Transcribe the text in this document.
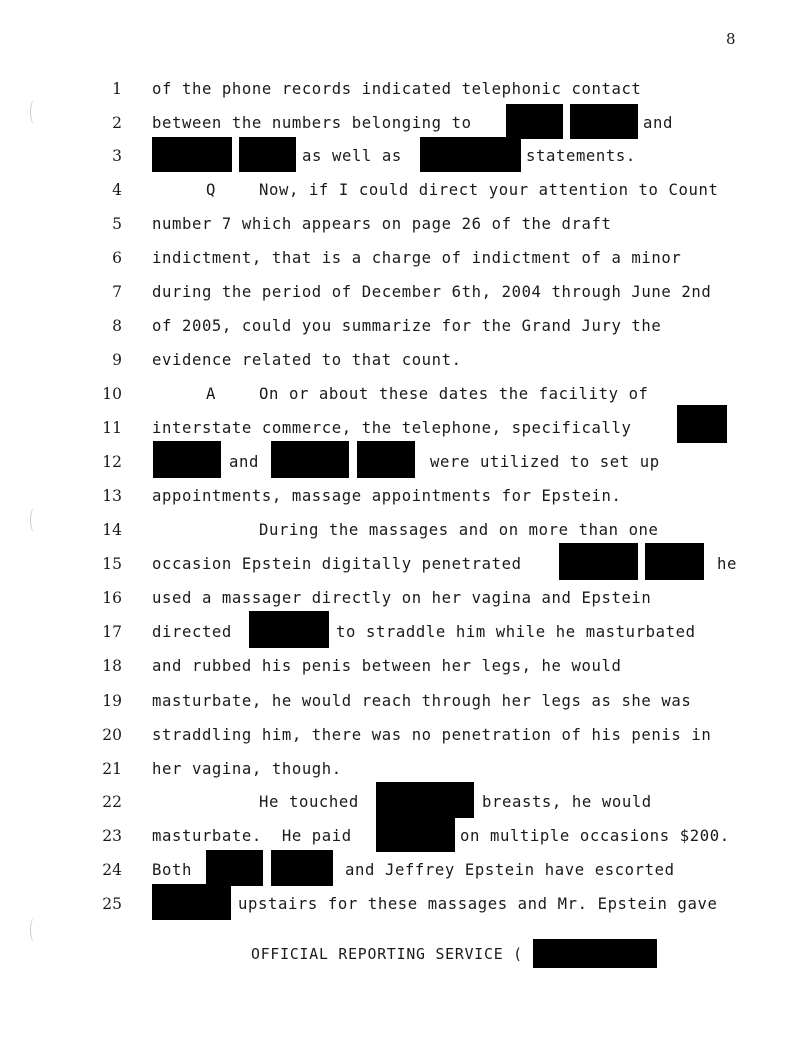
8
1 of the phone records indicated telephonic contact
2 between the numbers belonging to	and
3	as well as	statements.
4	Q	Now, if I could direct your attention to Count
5 number 7 which appears on page 26 of the draft
6 indictment, that is a charge of indictment of a minor
7 during the period of December 6th, 2004 through June 2nd
8 of 2005, could you summarize for the Grand Jury the
9 evidence related to that count.
10	A	On or about these dates the facility of
11 interstate commerce, the telephone, specifically
12	and	were utilized to set up
13 appointments, massage appointments for Epstein.
14	During the massages and on more than one
15 occasion Epstein digitally penetrated	he
16 used a massager directly on her vagina and Epstein
17 directed	to straddle him while he masturbated
18 and rubbed his penis between her legs, he would
19 masturbate, he would reach through her legs as she was
20 straddling him, there was no penetration of his penis in
21 her vagina, though.
22	He touched	breasts, he would
23 masturbate.  He paid	on multiple occasions $200.
24 Both	and Jeffrey Epstein have escorted
25	upstairs for these massages and Mr. Epstein gave
OFFICIAL REPORTING SERVICE (
